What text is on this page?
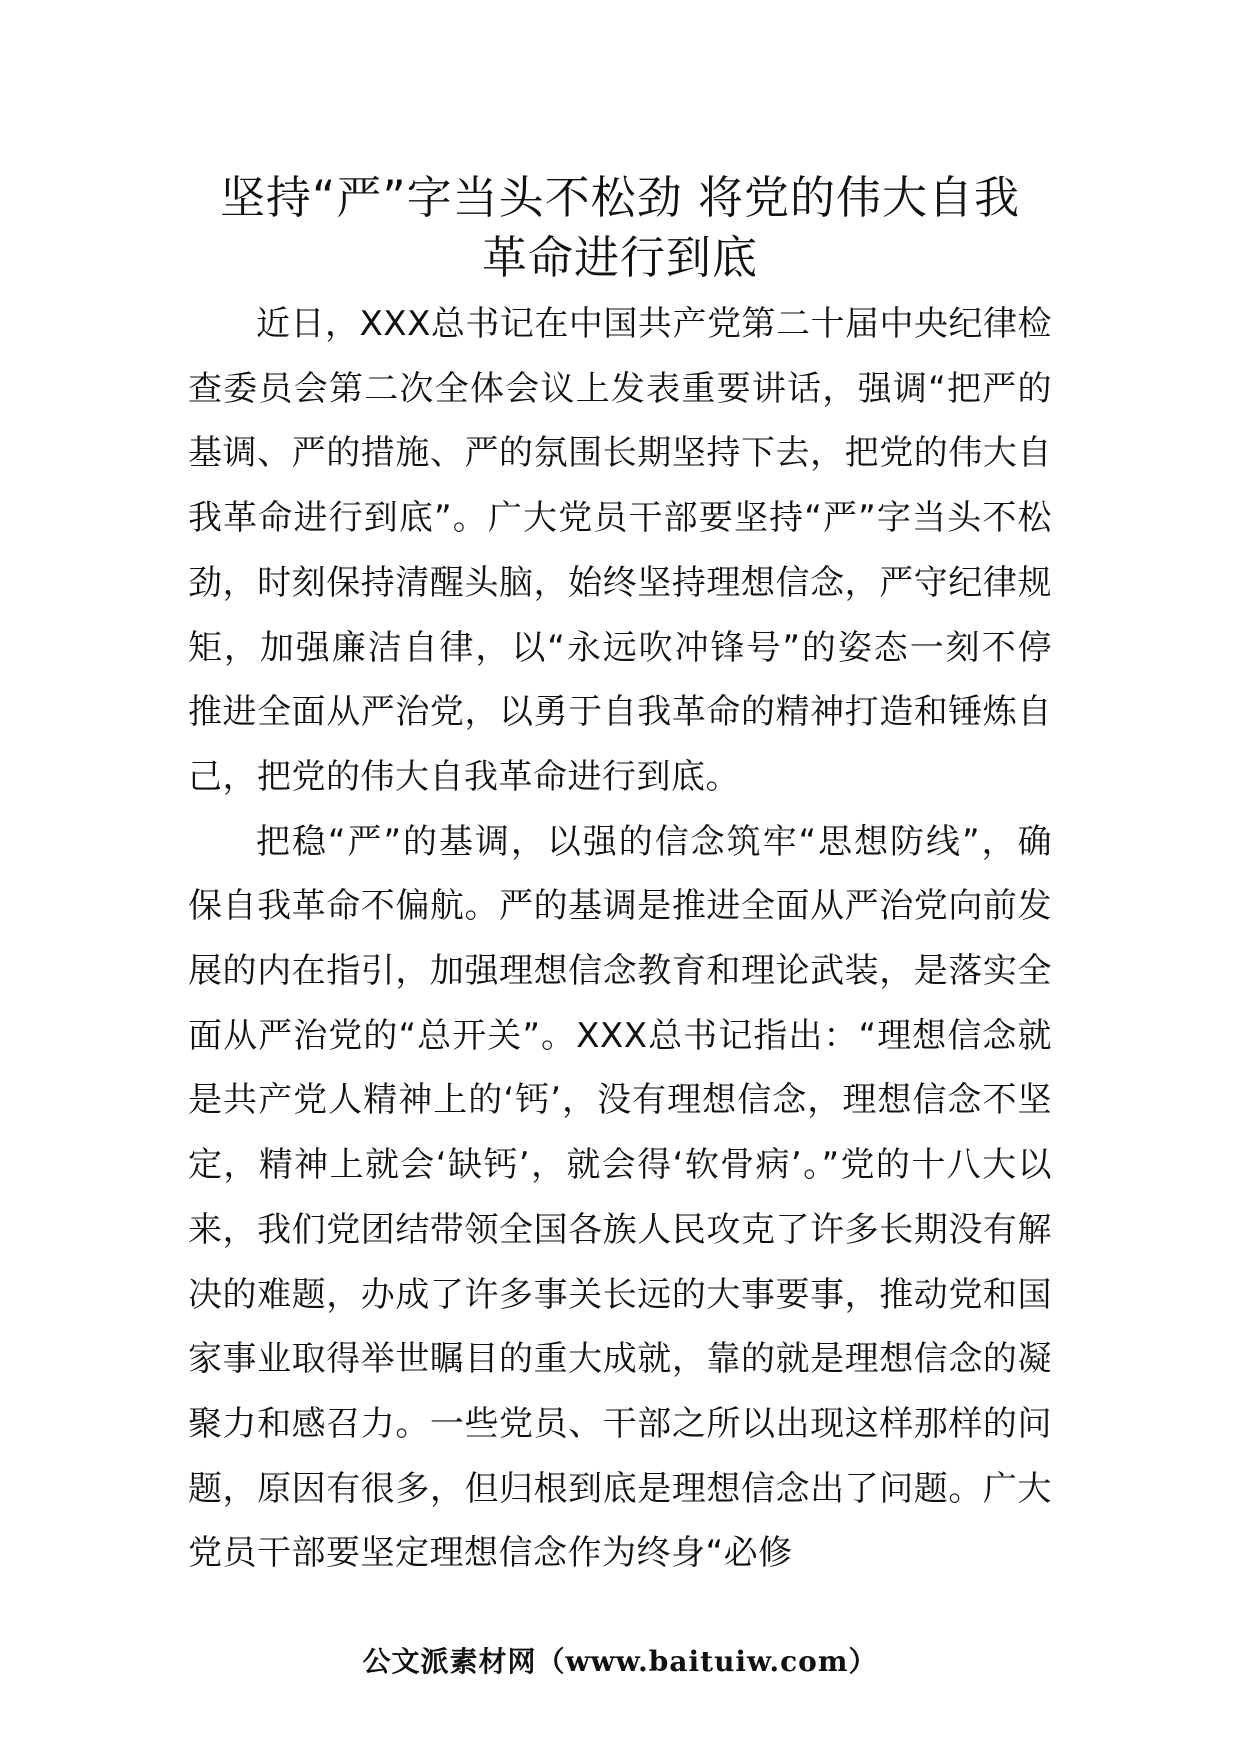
坚持“严”字当头不松劲 将党的伟大自我
革命进行到底

近日，XXX总书记在中国共产党第二十届中央纪律检查委员会第二次全体会议上发表重要讲话，强调“把严的基调、严的措施、严的氛围长期坚持下去，把党的伟大自我革命进行到底”。广大党员干部要坚持“严”字当头不松劲，时刻保持清醒头脑，始终坚持理想信念，严守纪律规矩，加强廉洁自律，以“永远吹冲锋号”的姿态一刻不停推进全面从严治党，以勇于自我革命的精神打造和锤炼自己，把党的伟大自我革命进行到底。

把稳“严”的基调，以强的信念筑牢“思想防线”，确保自我革命不偏航。严的基调是推进全面从严治党向前发展的内在指引，加强理想信念教育和理论武装，是落实全面从严治党的“总开关”。XXX总书记指出：“理想信念就是共产党人精神上的‘钙’，没有理想信念，理想信念不坚定，精神上就会‘缺钙’，就会得‘软骨病’。”党的十八大以来，我们党团结带领全国各族人民攻克了许多长期没有解决的难题，办成了许多事关长远的大事要事，推动党和国家事业取得举世瞩目的重大成就，靠的就是理想信念的凝聚力和感召力。一些党员、干部之所以出现这样那样的问题，原因有很多，但归根到底是理想信念出了问题。广大党员干部要坚定理想信念作为终身“必修

公文派素材网（www.baituiw.com）
